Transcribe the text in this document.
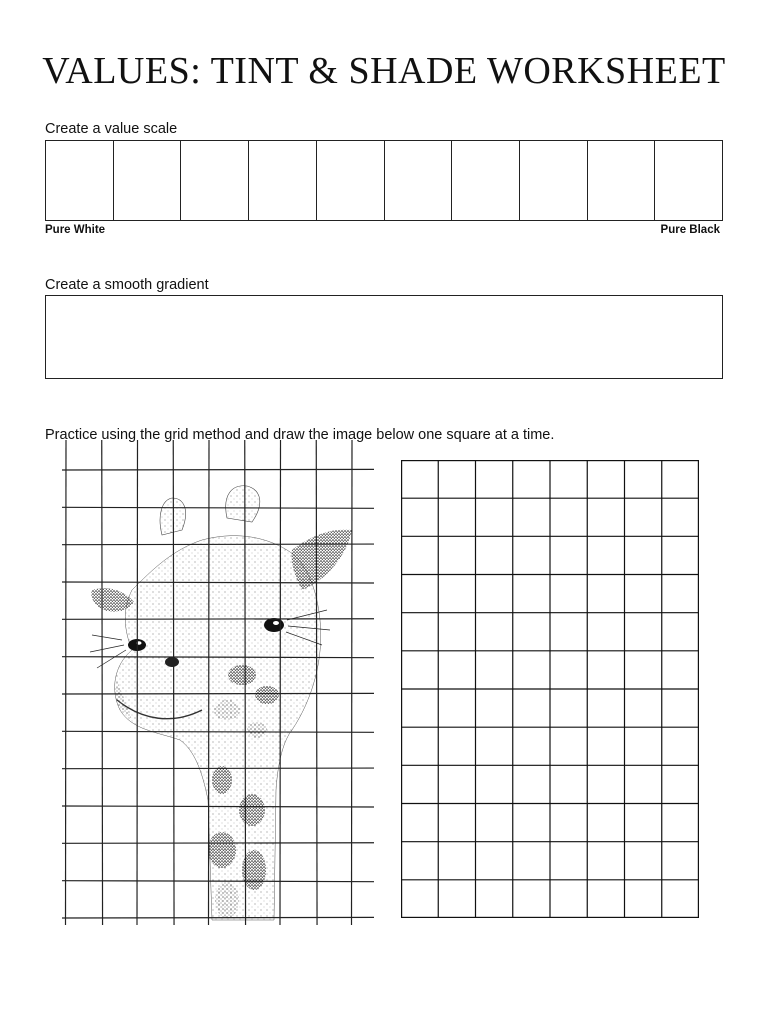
VALUES: TINT & SHADE WORKSHEET
Create a value scale
Pure White	Pure Black
Create a smooth gradient
Practice using the grid method and draw the image below one square at a time.
